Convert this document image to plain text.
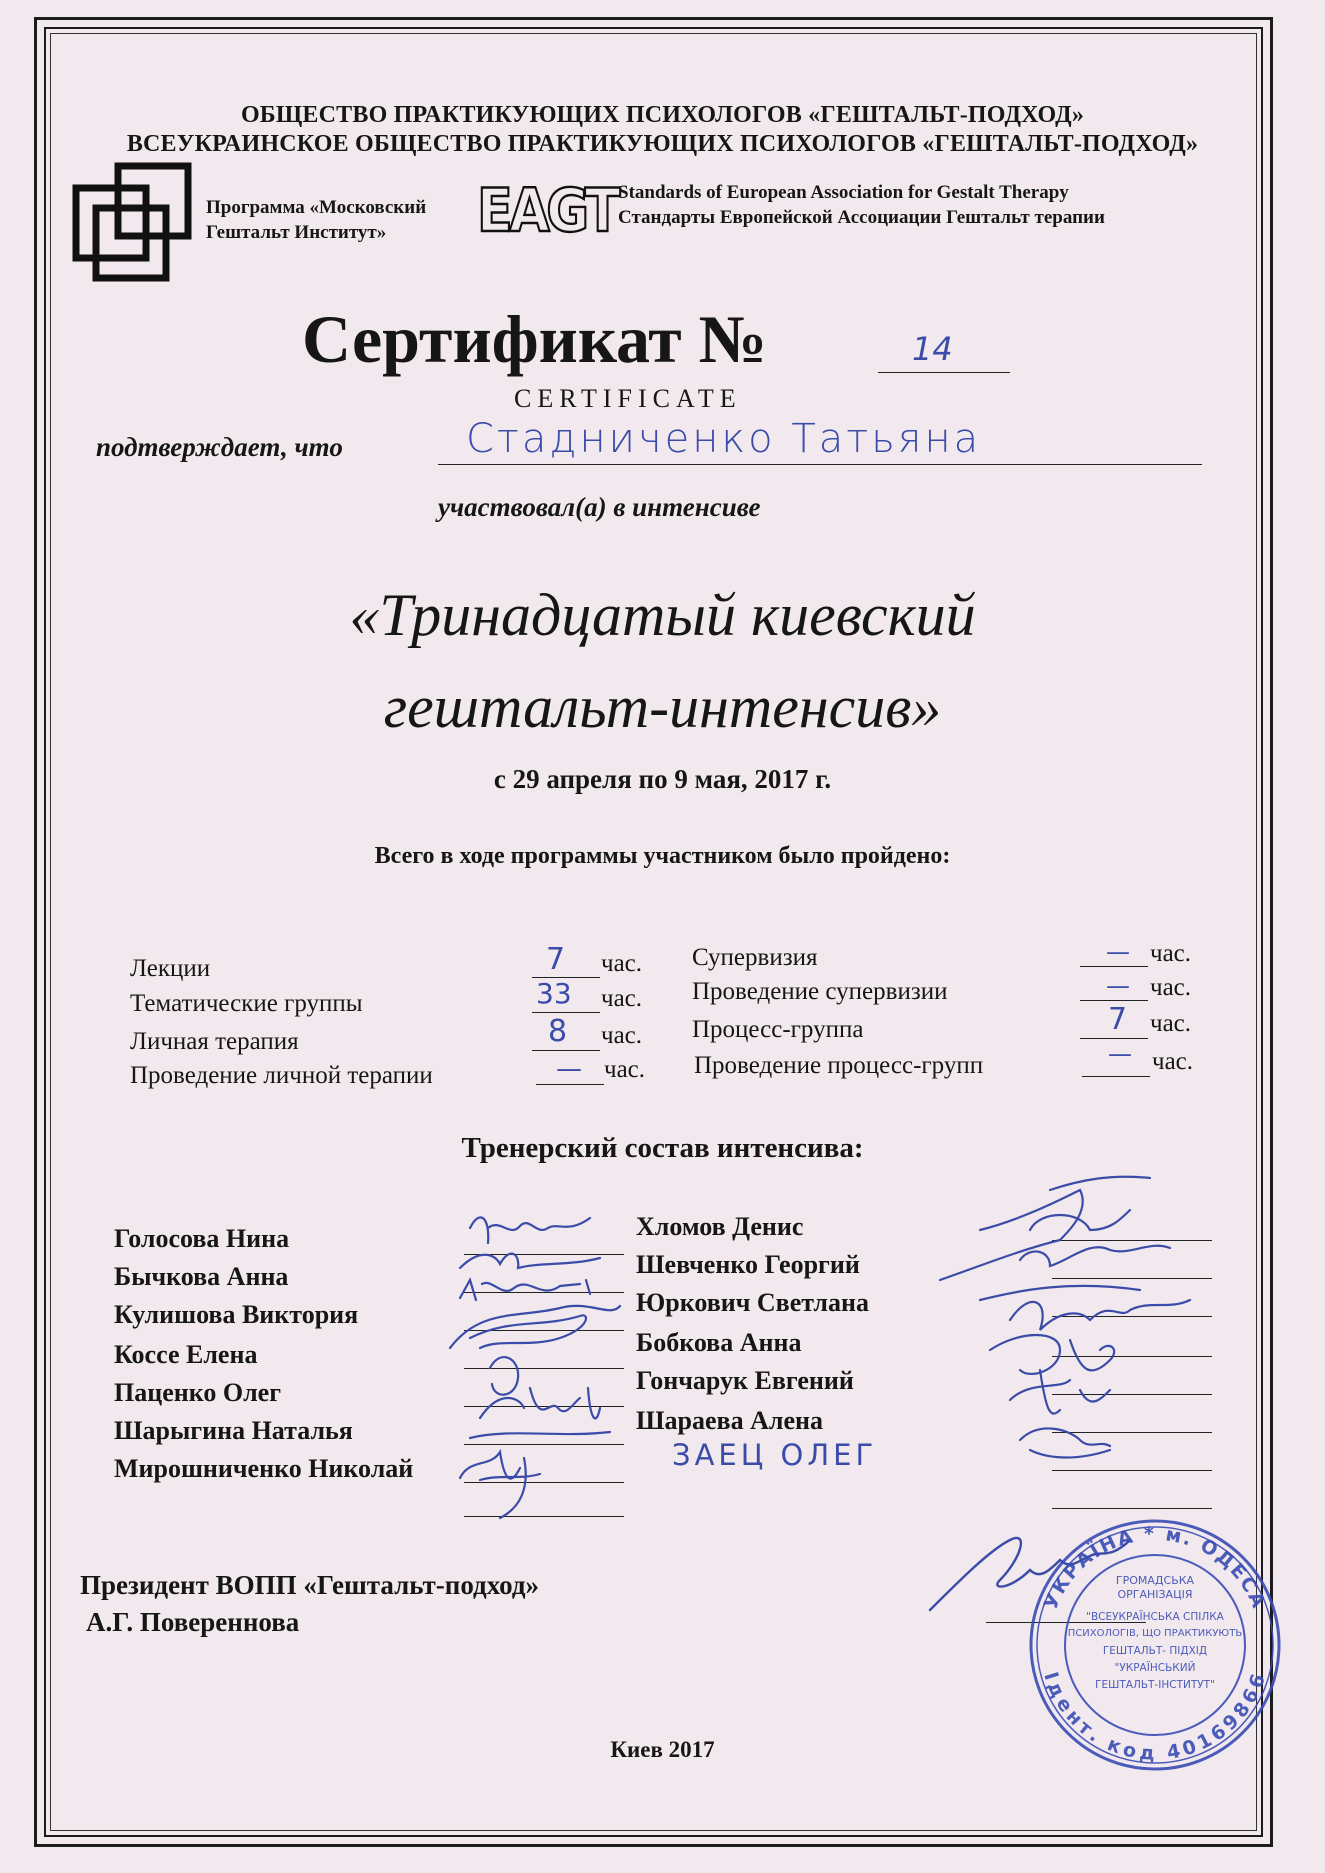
ОБЩЕСТВО ПРАКТИКУЮЩИХ ПСИХОЛОГОВ «ГЕШТАЛЬТ-ПОДХОД»
ВСЕУКРАИНСКОЕ ОБЩЕСТВО ПРАКТИКУЮЩИХ ПСИХОЛОГОВ «ГЕШТАЛЬТ-ПОДХОД»
Программа «Московский
Гештальт Институт» EAGT
Standards of European Association for Gestalt Therapy
Стандарты Европейской Ассоциации Гештальт терапии
Сертификат №	14
CERTIFICATE
подтверждает, что	Стадниченко Татьяна
участвовал(а) в интенсиве
«Тринадцатый киевский
гештальт-интенсив»
с 29 апреля по 9 мая, 2017 г.
Всего в ходе программы участником было пройдено:
Лекции	7 час.
Тематические группы	33 час.
Личная терапия	8 час.
Проведение личной терапии	— час.
Супервизия	— час.
Проведение супервизии	— час.
Процесс-группа	7 час.
Проведение процесс-групп	— час.
Тренерский состав интенсива:
Голосова Нина
Бычкова Анна
Кулишова Виктория
Коссе Елена
Паценко Олег
Шарыгина Наталья
Мирошниченко Николай
Хломов Денис
Шевченко Георгий
Юркович Светлана
Бобкова Анна
Гончарук Евгений
Шараева Алена
ЗАЕЦ ОЛЕГ
Президент ВОПП «Гештальт-подход»
А.Г. Поверенновa
УКРАЇНА * м. ОДЕСА
Ідент. код 40169866
ГРОМАДСЬКА
ОРГАНІЗАЦІЯ
"ВСЕУКРАЇНСЬКА СПІЛКА
ПСИХОЛОГІВ, ЩО ПРАКТИКУЮТЬ
ГЕШТАЛЬТ- ПІДХІД
"УКРАЇНСЬКИЙ
ГЕШТАЛЬТ-ІНСТИТУТ"
Киев 2017
